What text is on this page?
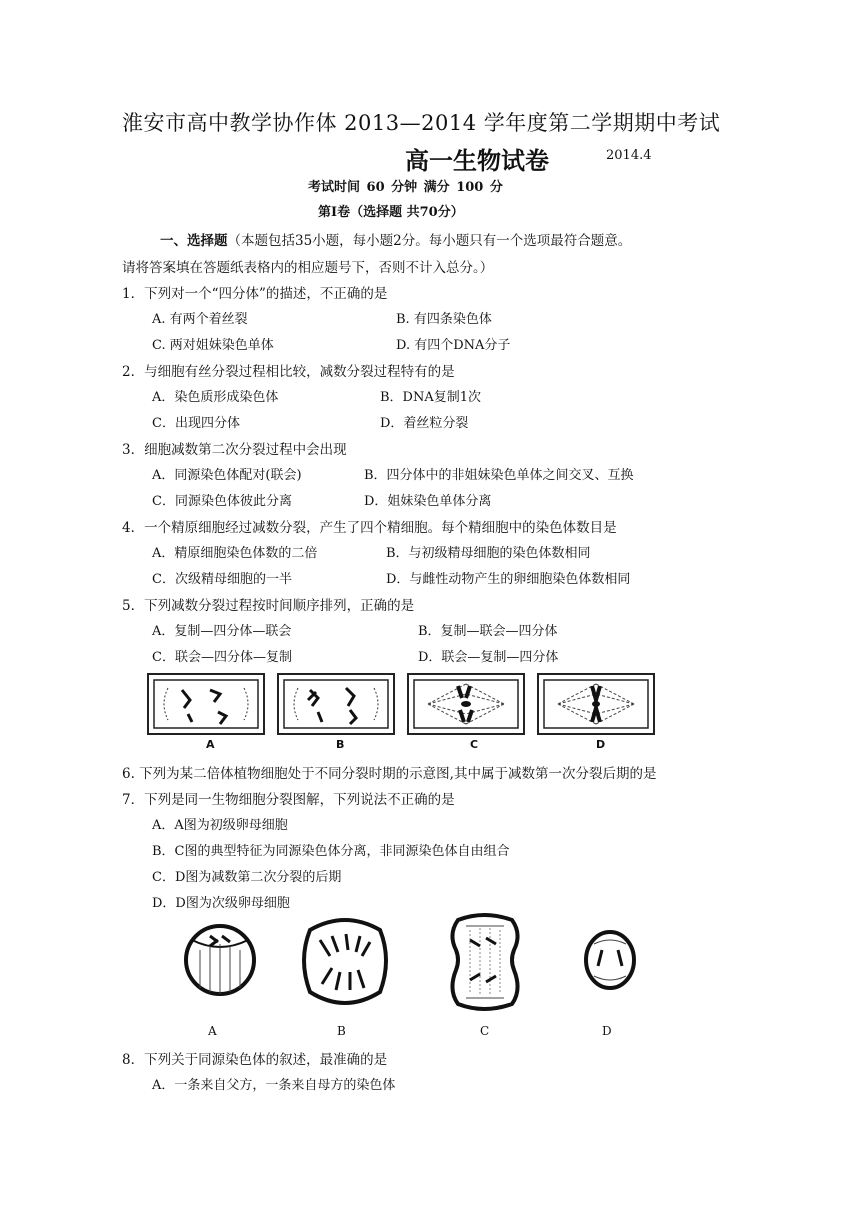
淮安市高中教学协作体 2013—2014 学年度第二学期期中考试
高一生物试卷	2014.4
考试时间 60 分钟 满分 100 分
第Ⅰ卷（选择题 共70分）
一、选择题（本题包括35小题，每小题2分。每小题只有一个选项最符合题意。
请将答案填在答题纸表格内的相应题号下，否则不计入总分。）
1．下列对一个“四分体”的描述，不正确的是
A. 有两个着丝裂	B. 有四条染色体
C. 两对姐妹染色单体	D. 有四个DNA分子
2．与细胞有丝分裂过程相比较，减数分裂过程特有的是
A．染色质形成染色体	B．DNA复制1次
C．出现四分体	D．着丝粒分裂
3．细胞减数第二次分裂过程中会出现
A．同源染色体配对(联会)	B．四分体中的非姐妹染色单体之间交叉、互换
C．同源染色体彼此分离	D．姐妹染色单体分离
4．一个精原细胞经过减数分裂，产生了四个精细胞。每个精细胞中的染色体数目是
A．精原细胞染色体数的二倍	B．与初级精母细胞的染色体数相同
C．次级精母细胞的一半	D．与雌性动物产生的卵细胞染色体数相同
5．下列减数分裂过程按时间顺序排列，正确的是
A．复制—四分体—联会	B．复制—联会—四分体
C．联会—四分体—复制	D．联会—复制—四分体
A	B	C	D
6. 下列为某二倍体植物细胞处于不同分裂时期的示意图,其中属于减数第一次分裂后期的是
7．下列是同一生物细胞分裂图解，下列说法不正确的是
A．A图为初级卵母细胞
B．C图的典型特征为同源染色体分离，非同源染色体自由组合
C．D图为减数第二次分裂的后期
D．D图为次级卵母细胞
A	B	C	D
8．下列关于同源染色体的叙述，最准确的是
A．一条来自父方，一条来自母方的染色体
